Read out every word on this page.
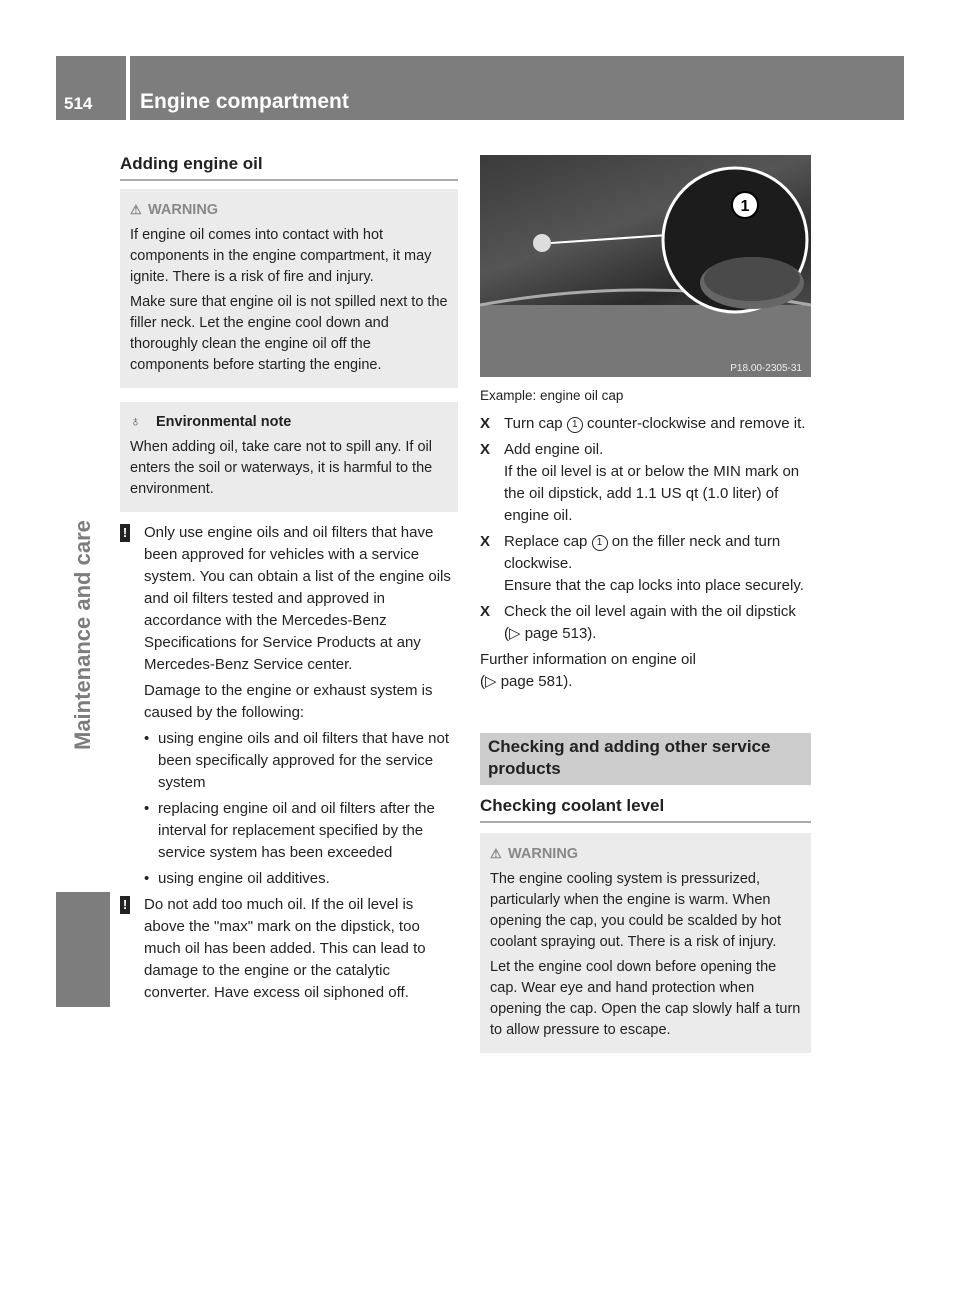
514 Engine compartment
Maintenance and care
Adding engine oil
⚠ WARNING

If engine oil comes into contact with hot components in the engine compartment, it may ignite. There is a risk of fire and injury.

Make sure that engine oil is not spilled next to the filler neck. Let the engine cool down and thoroughly clean the engine oil off the components before starting the engine.

♁ Environmental note

When adding oil, take care not to spill any. If oil enters the soil or waterways, it is harmful to the environment.

! Only use engine oils and oil filters that have been approved for vehicles with a service system. You can obtain a list of the engine oils and oil filters tested and approved in accordance with the Mercedes-Benz Specifications for Service Products at any Mercedes-Benz Service center.

Damage to the engine or exhaust system is caused by the following:

• using engine oils and oil filters that have not been specifically approved for the service system

• replacing engine oil and oil filters after the interval for replacement specified by the service system has been exceeded

• using engine oil additives.

! Do not add too much oil. If the oil level is above the "max" mark on the dipstick, too much oil has been added. This can lead to damage to the engine or the catalytic converter. Have excess oil siphoned off.

1
P18.00-2305-31
Example: engine oil cap

X Turn cap 1 counter-clockwise and remove it.

X Add engine oil.

If the oil level is at or below the MIN mark on the oil dipstick, add 1.1 US qt (1.0 liter) of engine oil.

X Replace cap 1 on the filler neck and turn clockwise.

Ensure that the cap locks into place securely.

X Check the oil level again with the oil dipstick (▷ page 513).

Further information on engine oil
(▷ page 581).

Checking and adding other service products
Checking coolant level
⚠ WARNING

The engine cooling system is pressurized, particularly when the engine is warm. When opening the cap, you could be scalded by hot coolant spraying out. There is a risk of injury.

Let the engine cool down before opening the cap. Wear eye and hand protection when opening the cap. Open the cap slowly half a turn to allow pressure to escape.
